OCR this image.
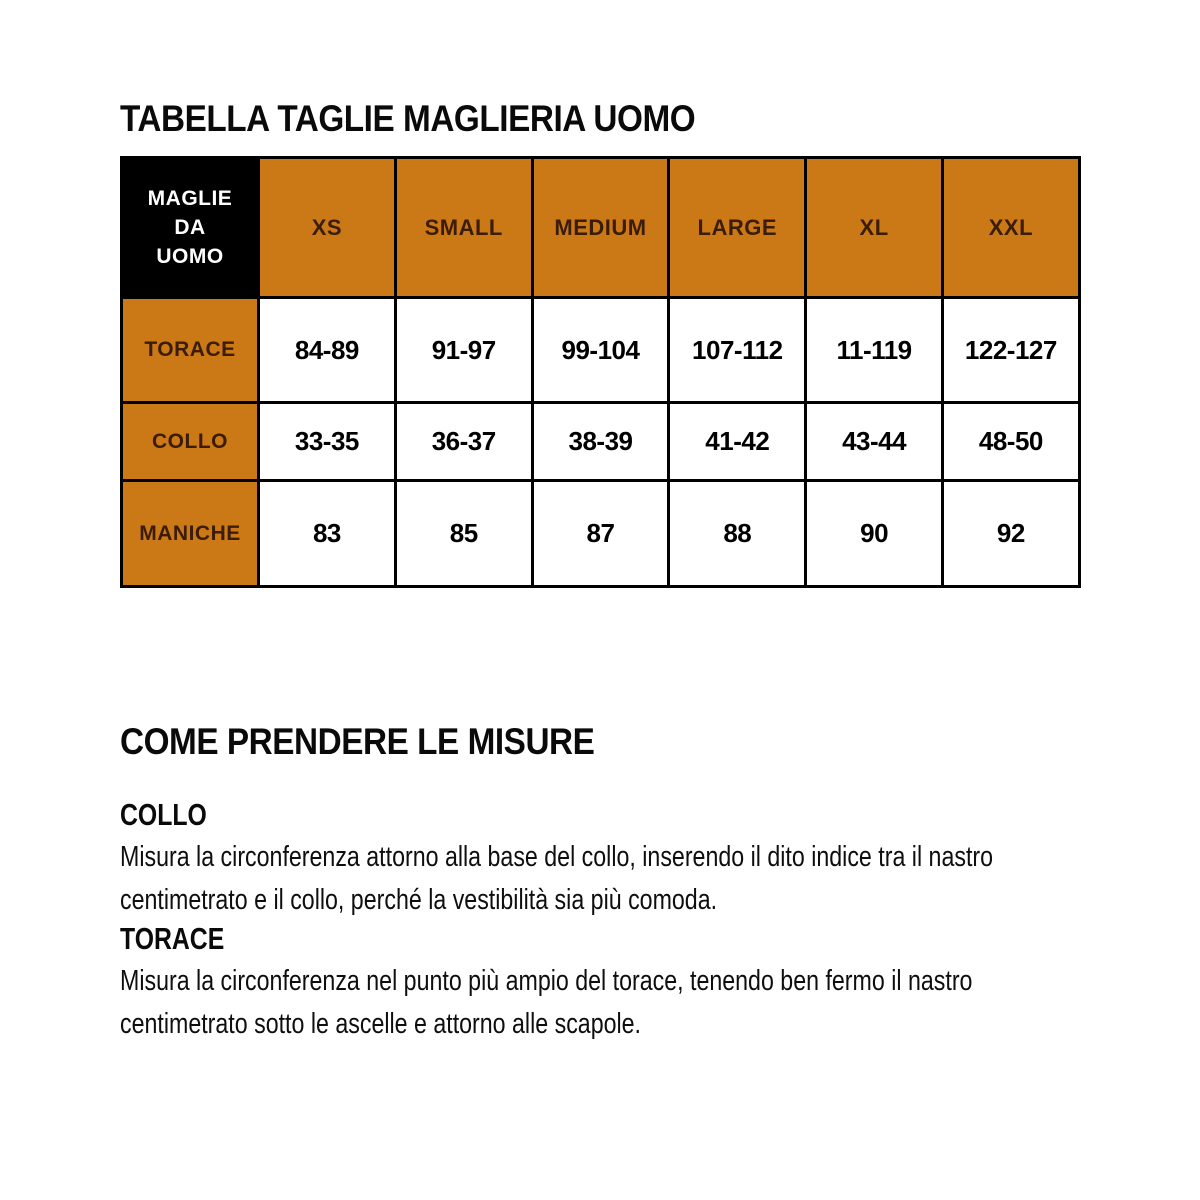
TABELLA TAGLIE MAGLIERIA UOMO
MAGLIE
DA
UOMO	XS	SMALL	MEDIUM	LARGE	XL	XXL
TORACE	84-89	91-97	99-104	107-112	11-119	122-127
COLLO	33-35	36-37	38-39	41-42	43-44	48-50
MANICHE	83	85	87	88	90	92
COME PRENDERE LE MISURE
COLLO

Misura la circonferenza attorno alla base del collo, inserendo il dito indice tra il nastro centimetrato e il collo, perché la vestibilità sia più comoda.

TORACE

Misura la circonferenza nel punto più ampio del torace, tenendo ben fermo il nastro centimetrato sotto le ascelle e attorno alle scapole.
